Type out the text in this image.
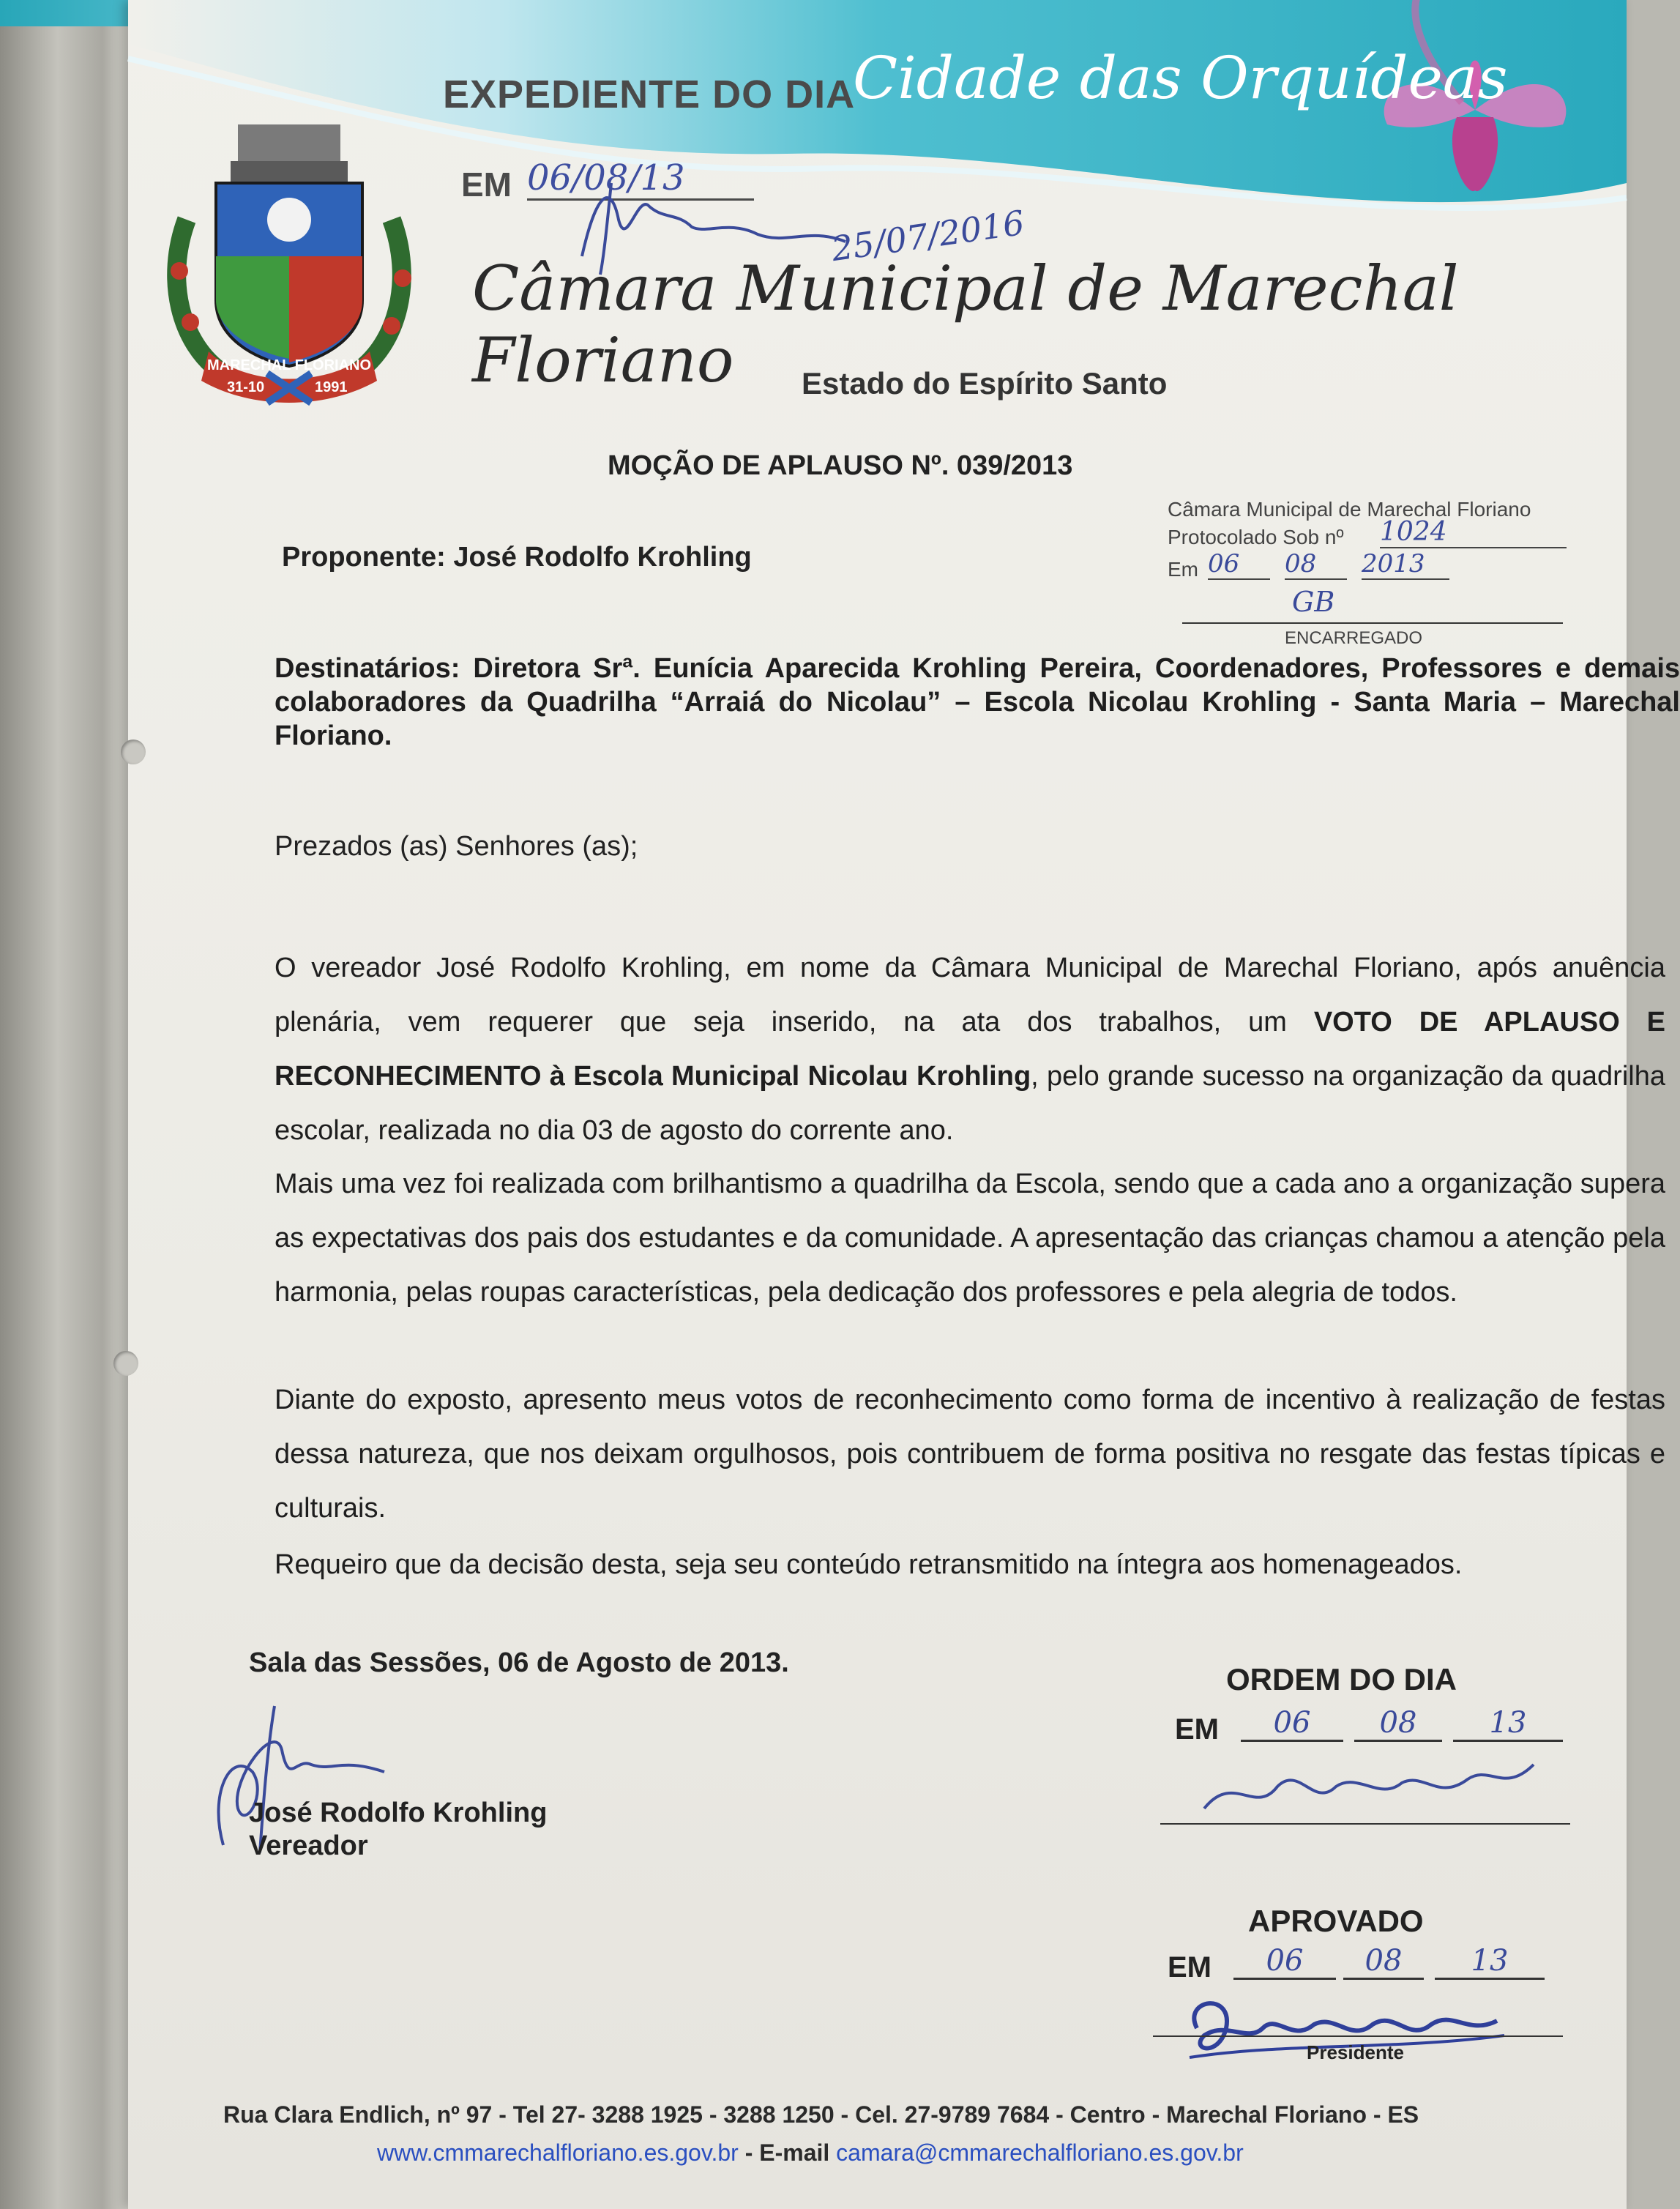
EXPEDIENTE DO DIA

Cidade das Orquídeas

EM 06/08/13

25/07/2016

MARECHAL FLORIANO
31-10	1991

Câmara Municipal de Marechal Floriano	Estado do Espírito Santo

Câmara Municipal de Marechal Floriano

Protocolado Sob nº 1024

Em 06	08	2013

GB

ENCARREGADO

MOÇÃO DE APLAUSO Nº. 039/2013

Proponente: José Rodolfo Krohling

Destinatários: Diretora Srª. Eunícia Aparecida Krohling Pereira, Coordenadores, Professores e demais colaboradores da Quadrilha “Arraiá do Nicolau” – Escola Nicolau Krohling - Santa Maria – Marechal Floriano.

Prezados (as) Senhores (as);

O vereador José Rodolfo Krohling, em nome da Câmara Municipal de Marechal Floriano, após anuência plenária, vem requerer que seja inserido, na ata dos trabalhos, um VOTO DE APLAUSO E RECONHECIMENTO à Escola Municipal Nicolau Krohling, pelo grande sucesso na organização da quadrilha escolar, realizada no dia 03 de agosto do corrente ano.

Mais uma vez foi realizada com brilhantismo a quadrilha da Escola, sendo que a cada ano a organização supera as expectativas dos pais dos estudantes e da comunidade. A apresentação das crianças chamou a atenção pela harmonia, pelas roupas características, pela dedicação dos professores e pela alegria de todos.

Diante do exposto, apresento meus votos de reconhecimento como forma de incentivo à realização de festas dessa natureza, que nos deixam orgulhosos, pois contribuem de forma positiva no resgate das festas típicas e culturais.

Requeiro que da decisão desta, seja seu conteúdo retransmitido na íntegra aos homenageados.

Sala das Sessões, 06 de Agosto de 2013.

José Rodolfo Krohling

Vereador

ORDEM DO DIA

EM	06	08	13

APROVADO

EM	06	08	13

Presidente

Rua Clara Endlich, nº 97 - Tel 27- 3288 1925 - 3288 1250 - Cel. 27-9789 7684 - Centro - Marechal Floriano - ES

www.cmmarechalfloriano.es.gov.br - E-mail camara@cmmarechalfloriano.es.gov.br
